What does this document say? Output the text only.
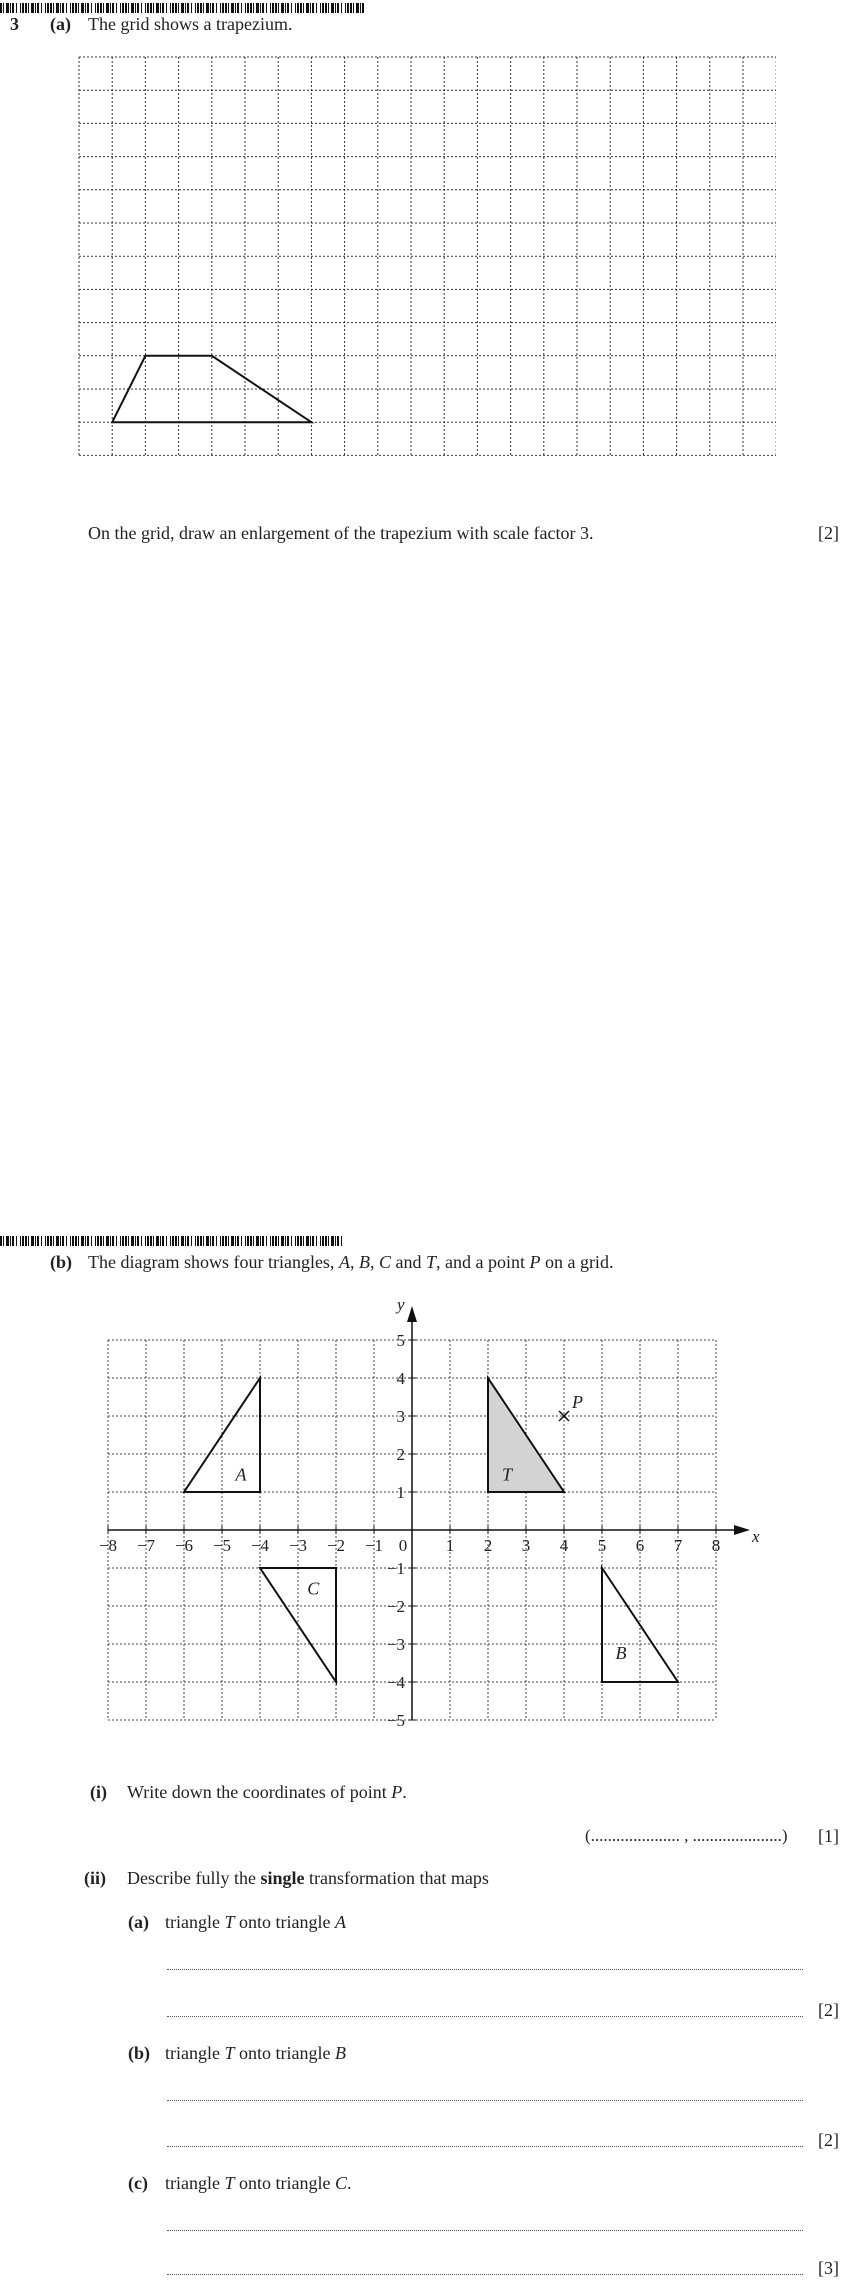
3 (a) The grid shows a trapezium.
On the grid, draw an enlargement of the trapezium with scale factor 3.	[2]
(b) The diagram shows four triangles, A, B, C and T, and a point P on a grid.
x
y
−8 −7 −6 −5 −4 −3 −2 −1	1 2 3 4 5 6 7 8
5
4
3
2
1
−1
−2
−3
−4
−5
0
A
B
C
T
P
(i) Write down the coordinates of point P.
(..................... , .....................) [1]
(ii) Describe fully the single transformation that maps
(a) triangle T onto triangle A
[2]
(b) triangle T onto triangle B
[2]
(c) triangle T onto triangle C.
[3]
